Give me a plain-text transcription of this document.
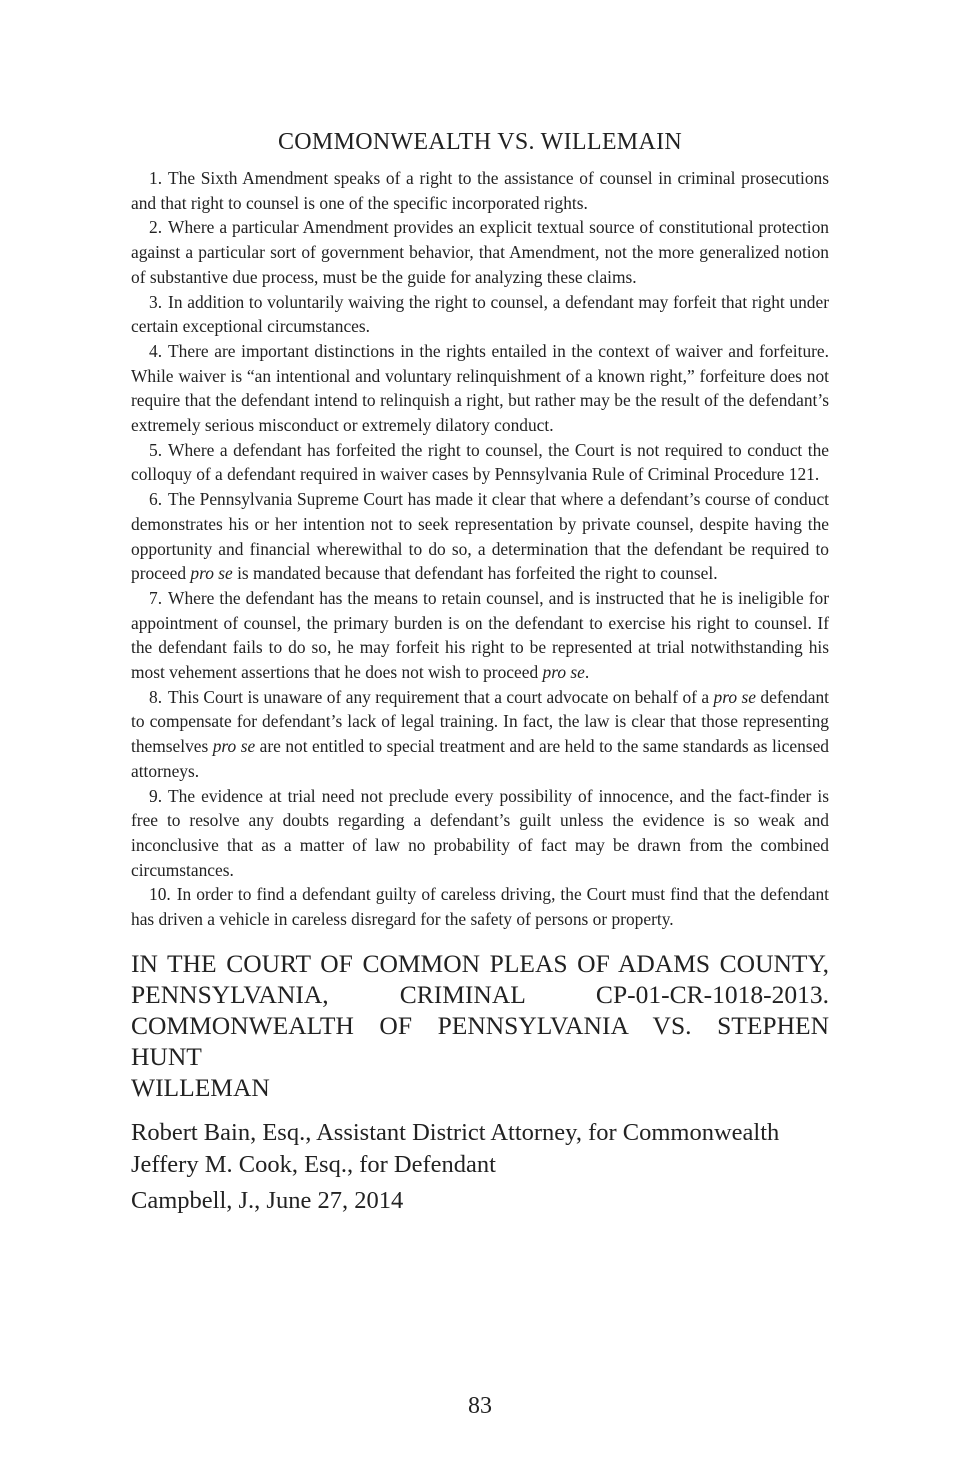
COMMONWEALTH VS. WILLEMAIN

1. The Sixth Amendment speaks of a right to the assistance of counsel in criminal prosecutions and that right to counsel is one of the specific incorporated rights.

2. Where a particular Amendment provides an explicit textual source of constitutional protection against a particular sort of government behavior, that Amendment, not the more generalized notion of substantive due process, must be the guide for analyzing these claims.

3. In addition to voluntarily waiving the right to counsel, a defendant may forfeit that right under certain exceptional circumstances.

4. There are important distinctions in the rights entailed in the context of waiver and forfeiture. While waiver is “an intentional and voluntary relinquishment of a known right,” forfeiture does not require that the defendant intend to relinquish a right, but rather may be the result of the defendant’s extremely serious misconduct or extremely dilatory conduct.

5. Where a defendant has forfeited the right to counsel, the Court is not required to conduct the colloquy of a defendant required in waiver cases by Pennsylvania Rule of Criminal Procedure 121.

6. The Pennsylvania Supreme Court has made it clear that where a defendant’s course of conduct demonstrates his or her intention not to seek representation by private counsel, despite having the opportunity and financial wherewithal to do so, a determination that the defendant be required to proceed pro se is mandated because that defendant has forfeited the right to counsel.

7. Where the defendant has the means to retain counsel, and is instructed that he is ineligible for appointment of counsel, the primary burden is on the defendant to exercise his right to counsel. If the defendant fails to do so, he may forfeit his right to be represented at trial notwithstanding his most vehement assertions that he does not wish to proceed pro se.

8. This Court is unaware of any requirement that a court advocate on behalf of a pro se defendant to compensate for defendant’s lack of legal training. In fact, the law is clear that those representing themselves pro se are not entitled to special treatment and are held to the same standards as licensed attorneys.

9. The evidence at trial need not preclude every possibility of innocence, and the fact-finder is free to resolve any doubts regarding a defendant’s guilt unless the evidence is so weak and inconclusive that as a matter of law no probability of fact may be drawn from the combined circumstances.

10. In order to find a defendant guilty of careless driving, the Court must find that the defendant has driven a vehicle in careless disregard for the safety of persons or property.

IN THE COURT OF COMMON PLEAS OF ADAMS COUNTY,
PENNSYLVANIA, CRIMINAL CP-01-CR-1018-2013.
COMMONWEALTH OF PENNSYLVANIA VS. STEPHEN HUNT
WILLEMAN
Robert Bain, Esq., Assistant District Attorney, for Commonwealth
Jeffery M. Cook, Esq., for Defendant
Campbell, J., June 27, 2014
83
